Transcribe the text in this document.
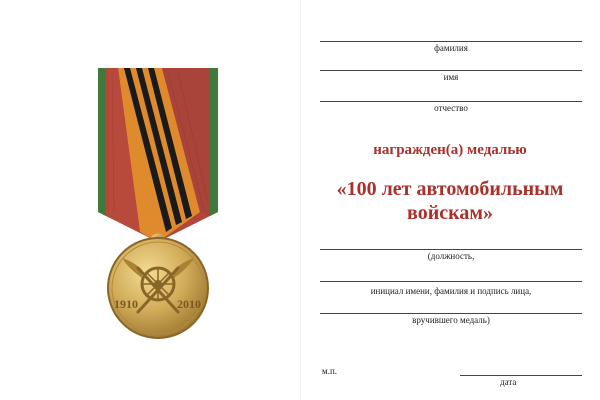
1910	2010
фамилия
имя
отчество
награжден(а) медалью
«100 лет автомобильным
войскам»
(должность,
инициал имени, фамилия и подпись лица,
вручившего медаль)
м.п.
дата
